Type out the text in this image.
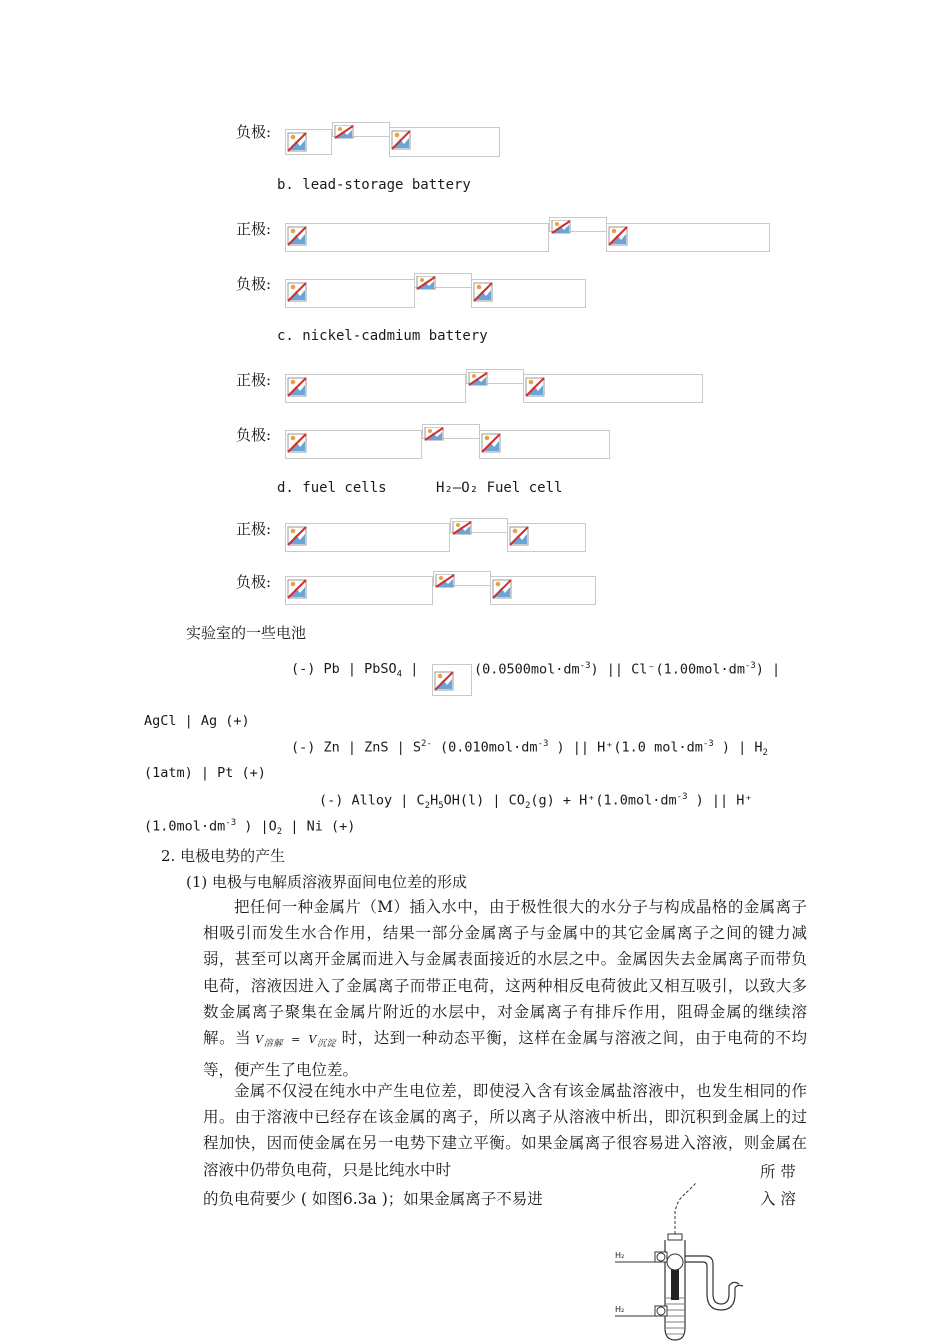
负极:
b. lead-storage battery
正极:
负极:
c. nickel-cadmium battery
正极:
负极:
d. fuel cells	H₂—O₂ Fuel cell
正极:
负极:
实验室的一些电池
(-) Pb | PbSO$_4$ |	$(0.0500mol\cdot dm^{-3})$ || $Cl^-(1.00mol\cdot dm^{-3})$ |
AgCl | Ag (+)
(-) Zn | ZnS | $S^{2-}$ ($0.010mol\cdot dm^{-3}$ ) || H⁺(1.0 $mol\cdot dm^{-3}$ ) | $H_2$
(1atm) | Pt (+)
(-) Alloy | $C_2H_5OH(l)$ | $CO_2(g) + H^+(1.0mol\cdot dm^{-3}$ ) || H⁺
($1.0mol\cdot dm^{-3}$ ) $|O_2$ | Ni (+)
2. 电极电势的产生
(1) 电极与电解质溶液界面间电位差的形成

把任何一种金属片（M）插入水中，由于极性很大的水分子与构成晶格的金属离子相吸引而发生水合作用，结果一部分金属离子与金属中的其它金属离子之间的键力减弱，甚至可以离开金属而进入与金属表面接近的水层之中。金属因失去金属离子而带负电荷，溶液因进入了金属离子而带正电荷，这两种相反电荷彼此又相互吸引，以致大多数金属离子聚集在金属片附近的水层中，对金属离子有排斥作用，阻碍金属的继续溶解。当 $V_{溶解} = V_{沉淀}$ 时，达到一种动态平衡，这样在金属与溶液之间，由于电荷的不均等，便产生了电位差。

金属不仅浸在纯水中产生电位差，即使浸入含有该金属盐溶液中，也发生相同的作用。由于溶液中已经存在该金属的离子，所以离子从溶液中析出，即沉积到金属上的过程加快，因而使金属在另一电势下建立平衡。如果金属离子很容易进入溶液，则金属在溶液中仍带负电荷，只是比纯水中时	所 带
的负电荷要少 ( 如图6.3a )；如果金属离子不易进	入 溶
H₂
H₂
